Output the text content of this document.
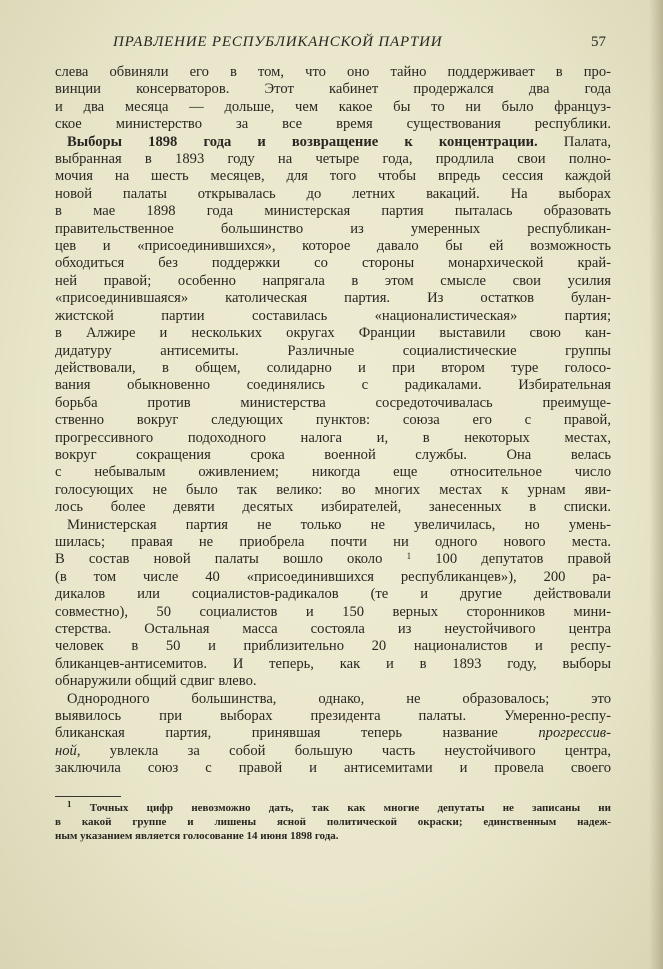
ПРАВЛЕНИЕ РЕСПУБЛИКАНСКОЙ ПАРТИИ	57
слева обвиняли его в том, что оно тайно поддерживает в про-
винции консерваторов. Этот кабинет продержался два года
и два месяца — дольше, чем какое бы то ни было француз-
ское министерство за все время существования республики.
Выборы 1898 года и возвращение к концентрации. Палата,
выбранная в 1893 году на четыре года, продлила свои полно-
мочия на шесть месяцев, для того чтобы впредь сессия каждой
новой палаты открывалась до летних вакаций. На выборах
в мае 1898 года министерская партия пыталась образовать
правительственное большинство из умеренных республикан-
цев и «присоединившихся», которое давало бы ей возможность
обходиться без поддержки со стороны монархической край-
ней правой; особенно напрягала в этом смысле свои усилия
«присоединившаяся» католическая партия. Из остатков булан-
жистской партии составилась «националистическая» партия;
в Алжире и нескольких округах Франции выставили свою кан-
дидатуру антисемиты. Различные социалистические группы
действовали, в общем, солидарно и при втором туре голосо-
вания обыкновенно соединялись с радикалами. Избирательная
борьба против министерства сосредоточивалась преимуще-
ственно вокруг следующих пунктов: союза его с правой,
прогрессивного подоходного налога и, в некоторых местах,
вокруг сокращения срока военной службы. Она велась
с небывалым оживлением; никогда еще относительное число
голосующих не было так велико: во многих местах к урнам яви-
лось более девяти десятых избирателей, занесенных в списки.
Министерская партия не только не увеличилась, но умень-
шилась; правая не приобрела почти ни одного нового места.
В состав новой палаты вошло около $^1$ 100 депутатов правой
(в том числе 40 «присоединившихся республиканцев»), 200 ра-
дикалов или социалистов-радикалов (те и другие действовали
совместно), 50 социалистов и 150 верных сторонников мини-
стерства. Остальная масса состояла из неустойчивого центра
человек в 50 и приблизительно 20 националистов и респу-
бликанцев-антисемитов. И теперь, как и в 1893 году, выборы
обнаружили общий сдвиг влево.
Однородного большинства, однако, не образовалось; это
выявилось при выборах президента палаты. Умеренно-респу-
бликанская партия, принявшая теперь название прогрессив-
ной, увлекла за собой большую часть неустойчивого центра,
заключила союз с правой и антисемитами и провела своего
$^1$ Точных цифр невозможно дать, так как многие депутаты не записаны ни
в какой группе и лишены ясной политической окраски; единственным надеж-
ным указанием является голосование 14 июня 1898 года.
